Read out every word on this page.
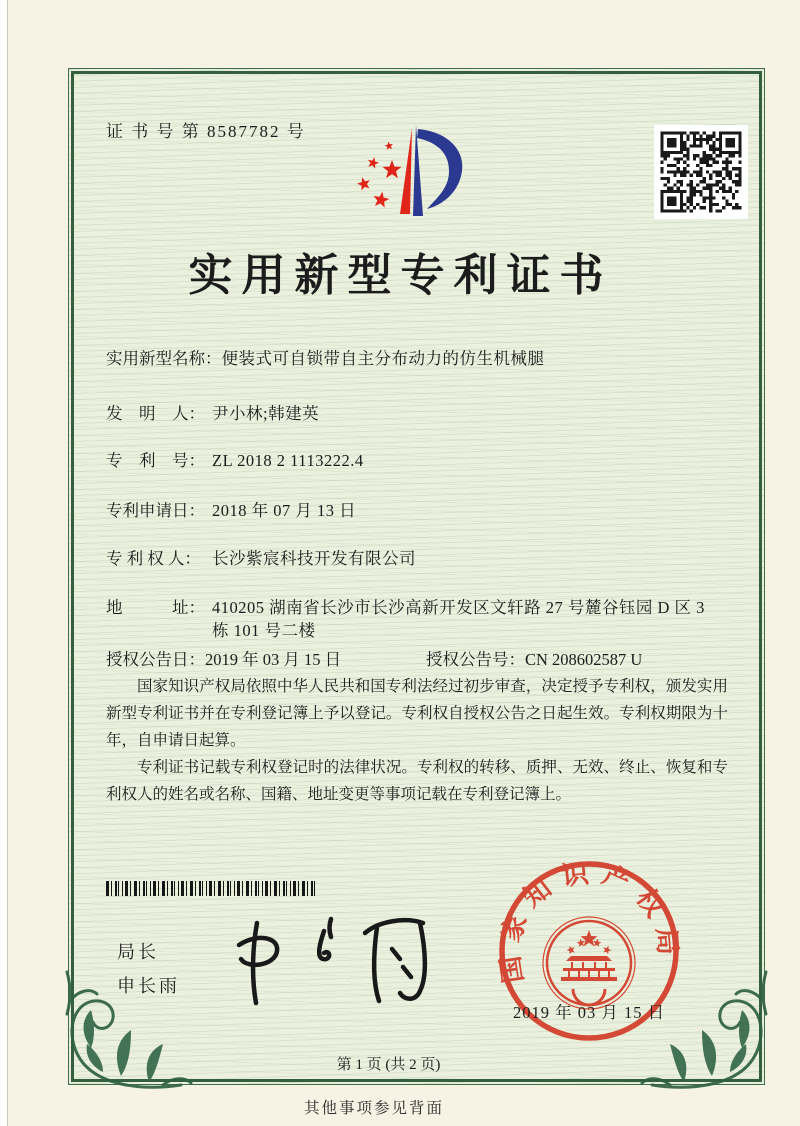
证 书 号 第 8587782 号
实用新型专利证书
实用新型名称： 便装式可自锁带自主分布动力的仿生机械腿
发　明　人： 尹小林;韩建英
专　利　号： ZL 2018 2 1113222.4
专利申请日： 2018 年 07 月 13 日
专 利 权 人： 长沙紫宸科技开发有限公司
地　　　址： 410205 湖南省长沙市长沙高新开发区文轩路 27 号麓谷钰园 D 区 3 栋 101 号二楼
授权公告日： 2019 年 03 月 15 日	授权公告号： CN 208602587 U

国家知识产权局依照中华人民共和国专利法经过初步审查，决定授予专利权，颁发实用新型专利证书并在专利登记簿上予以登记。专利权自授权公告之日起生效。专利权期限为十年，自申请日起算。

专利证书记载专利权登记时的法律状况。专利权的转移、质押、无效、终止、恢复和专利权人的姓名或名称、国籍、地址变更等事项记载在专利登记簿上。

局长
申长雨
国家知识产权局
2019 年 03 月 15 日
第 1 页 (共 2 页)
其他事项参见背面
